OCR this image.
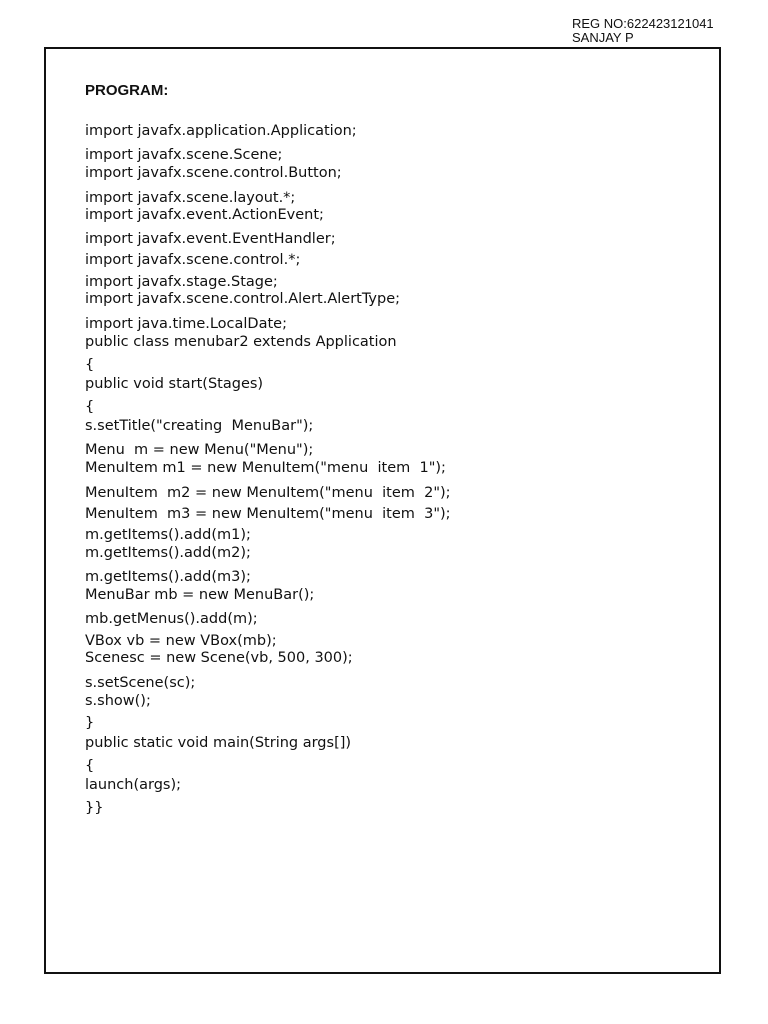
REG NO:622423121041
SANJAY P
PROGRAM:
import javafx.application.Application;
import javafx.scene.Scene;
import javafx.scene.control.Button;
import javafx.scene.layout.*;
import javafx.event.ActionEvent;
import javafx.event.EventHandler;
import javafx.scene.control.*;
import javafx.stage.Stage;
import javafx.scene.control.Alert.AlertType;
import java.time.LocalDate;
public class menubar2 extends Application
{
public void start(Stages)
{
s.setTitle("creating  MenuBar");
Menu  m = new Menu("Menu");
MenuItem m1 = new MenuItem("menu  item  1");
MenuItem  m2 = new MenuItem("menu  item  2");
MenuItem  m3 = new MenuItem("menu  item  3");
m.getItems().add(m1);
m.getItems().add(m2);
m.getItems().add(m3);
MenuBar mb = new MenuBar();
mb.getMenus().add(m);
VBox vb = new VBox(mb);
Scenesc = new Scene(vb, 500, 300);
s.setScene(sc);
s.show();
}
public static void main(String args[])
{
launch(args);
}}
